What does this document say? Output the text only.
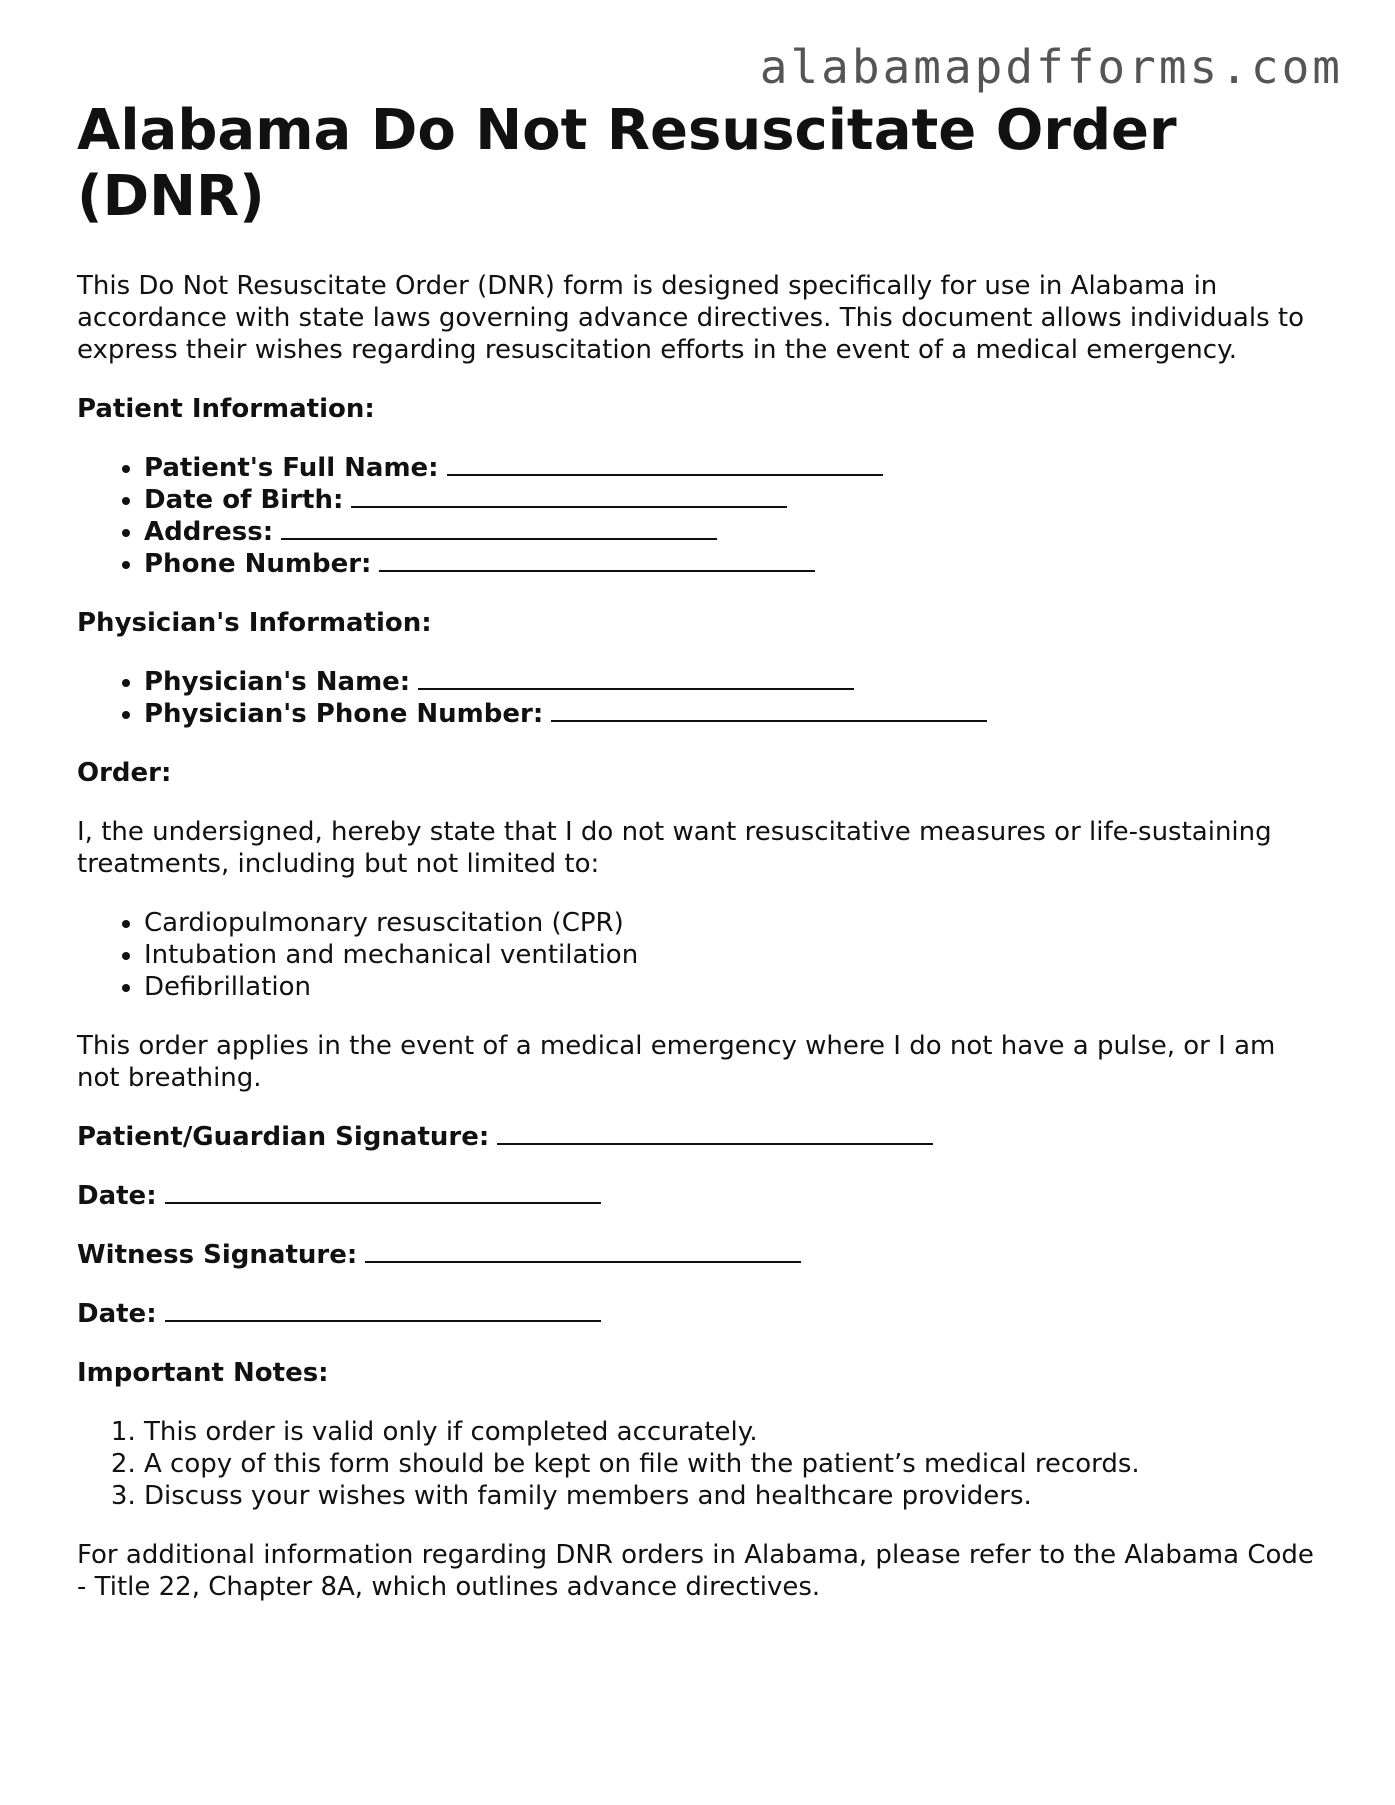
alabamapdfforms.com
Alabama Do Not Resuscitate Order (DNR)

This Do Not Resuscitate Order (DNR) form is designed specifically for use in Alabama in accordance with state laws governing advance directives. This document allows individuals to express their wishes regarding resuscitation efforts in the event of a medical emergency.

Patient Information:

• Patient's Full Name:
• Date of Birth:
• Address:
• Phone Number:

Physician's Information:

• Physician's Name:
• Physician's Phone Number:

Order:

I, the undersigned, hereby state that I do not want resuscitative measures or life-sustaining treatments, including but not limited to:

• Cardiopulmonary resuscitation (CPR)
• Intubation and mechanical ventilation
• Defibrillation

This order applies in the event of a medical emergency where I do not have a pulse, or I am not breathing.

Patient/Guardian Signature:

Date:

Witness Signature:

Date:

Important Notes:

1. This order is valid only if completed accurately.
2. A copy of this form should be kept on file with the patient’s medical records.
3. Discuss your wishes with family members and healthcare providers.

For additional information regarding DNR orders in Alabama, please refer to the Alabama Code - Title 22, Chapter 8A, which outlines advance directives.
